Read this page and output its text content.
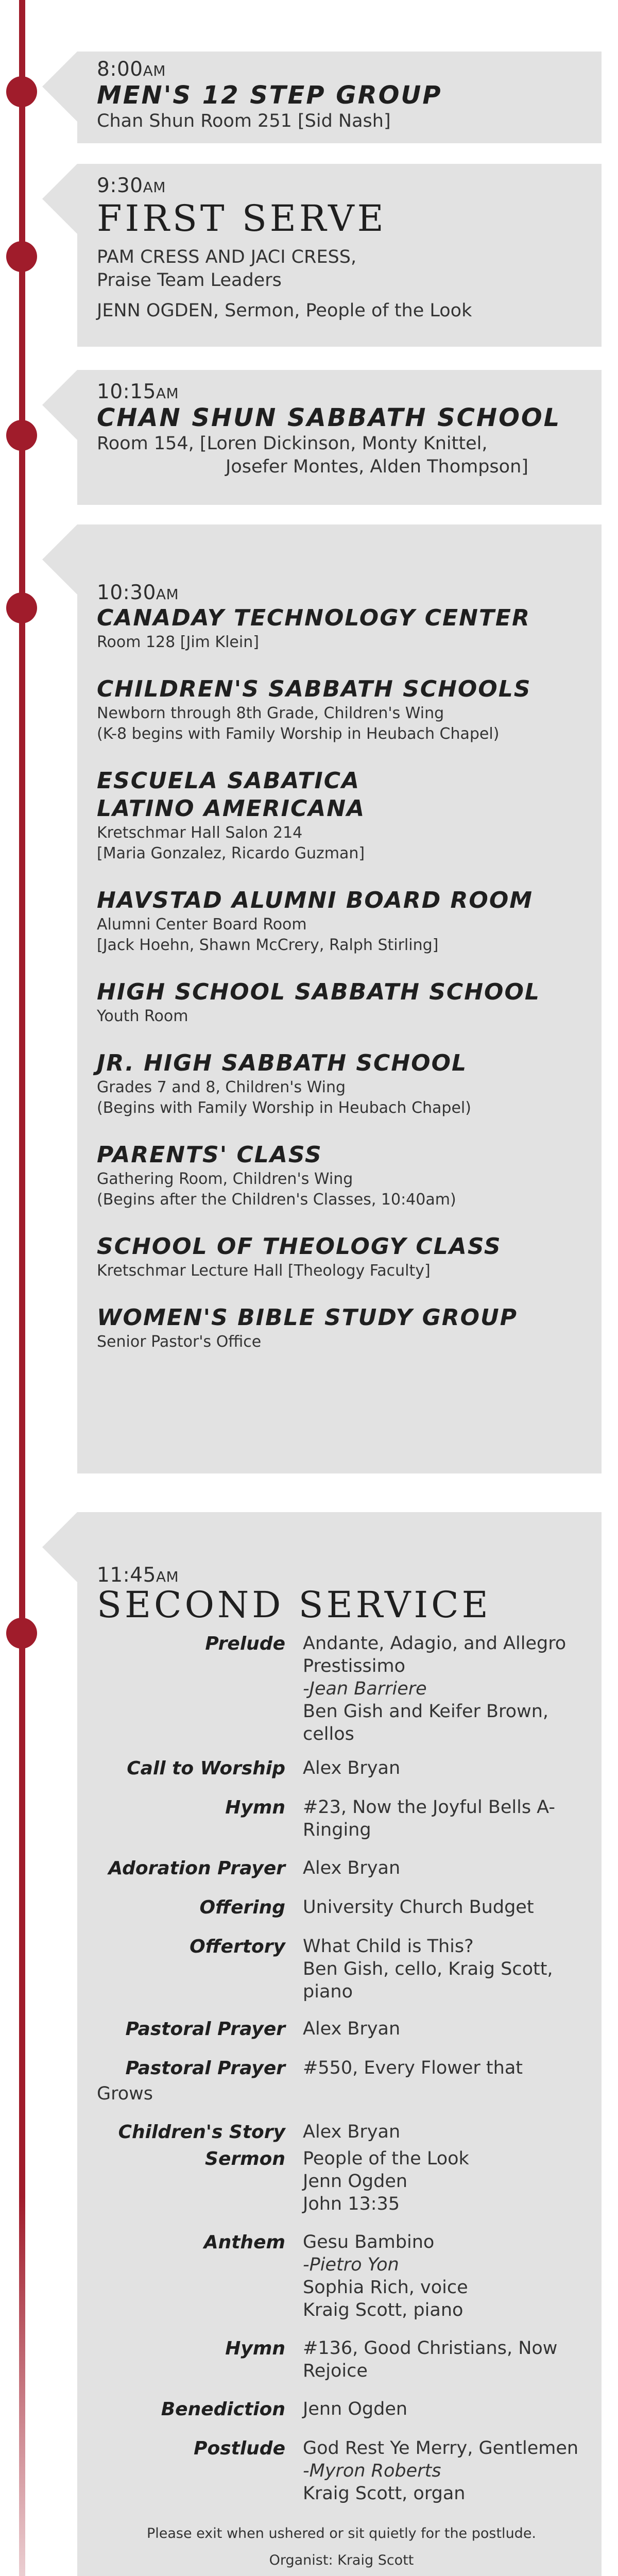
8:00AM
MEN'S 12 STEP GROUP
Chan Shun Room 251 [Sid Nash]
9:30AM
FIRST SERVE
PAM CRESS AND JACI CRESS,
Praise Team Leaders
JENN OGDEN, Sermon, People of the Look
10:15AM
CHAN SHUN SABBATH SCHOOL
Room 154, [Loren Dickinson, Monty Knittel,
Josefer Montes, Alden Thompson]
10:30AM
CANADAY TECHNOLOGY CENTER
Room 128 [Jim Klein]
CHILDREN'S SABBATH SCHOOLS
Newborn through 8th Grade, Children's Wing
(K-8 begins with Family Worship in Heubach Chapel)
ESCUELA SABATICA
LATINO AMERICANA
Kretschmar Hall Salon 214
[Maria Gonzalez, Ricardo Guzman]
HAVSTAD ALUMNI BOARD ROOM
Alumni Center Board Room
[Jack Hoehn, Shawn McCrery, Ralph Stirling]
HIGH SCHOOL SABBATH SCHOOL
Youth Room
JR. HIGH SABBATH SCHOOL
Grades 7 and 8, Children's Wing
(Begins with Family Worship in Heubach Chapel)
PARENTS' CLASS
Gathering Room, Children's Wing
(Begins after the Children's Classes, 10:40am)
SCHOOL OF THEOLOGY CLASS
Kretschmar Lecture Hall [Theology Faculty]
WOMEN'S BIBLE STUDY GROUP
Senior Pastor's Office
11:45AM
SECOND SERVICE
Prelude Andante, Adagio, and Allegro
Prestissimo
-Jean Barriere
Ben Gish and Keifer Brown, cellos
Call to Worship Alex Bryan
Hymn #23, Now the Joyful Bells A-Ringing
Adoration Prayer Alex Bryan
Offering University Church Budget
Offertory What Child is This?
Ben Gish, cello, Kraig Scott, piano
Pastoral Prayer Alex Bryan
Pastoral Prayer #550, Every Flower that
Grows
Children's Story Alex Bryan
Sermon People of the Look
Jenn Ogden
John 13:35
Anthem Gesu Bambino
-Pietro Yon
Sophia Rich, voice
Kraig Scott, piano
Hymn #136, Good Christians, Now Rejoice
Benediction Jenn Ogden
Postlude God Rest Ye Merry, Gentlemen
-Myron Roberts
Kraig Scott, organ
Please exit when ushered or sit quietly for the postlude.
Organist: Kraig Scott
